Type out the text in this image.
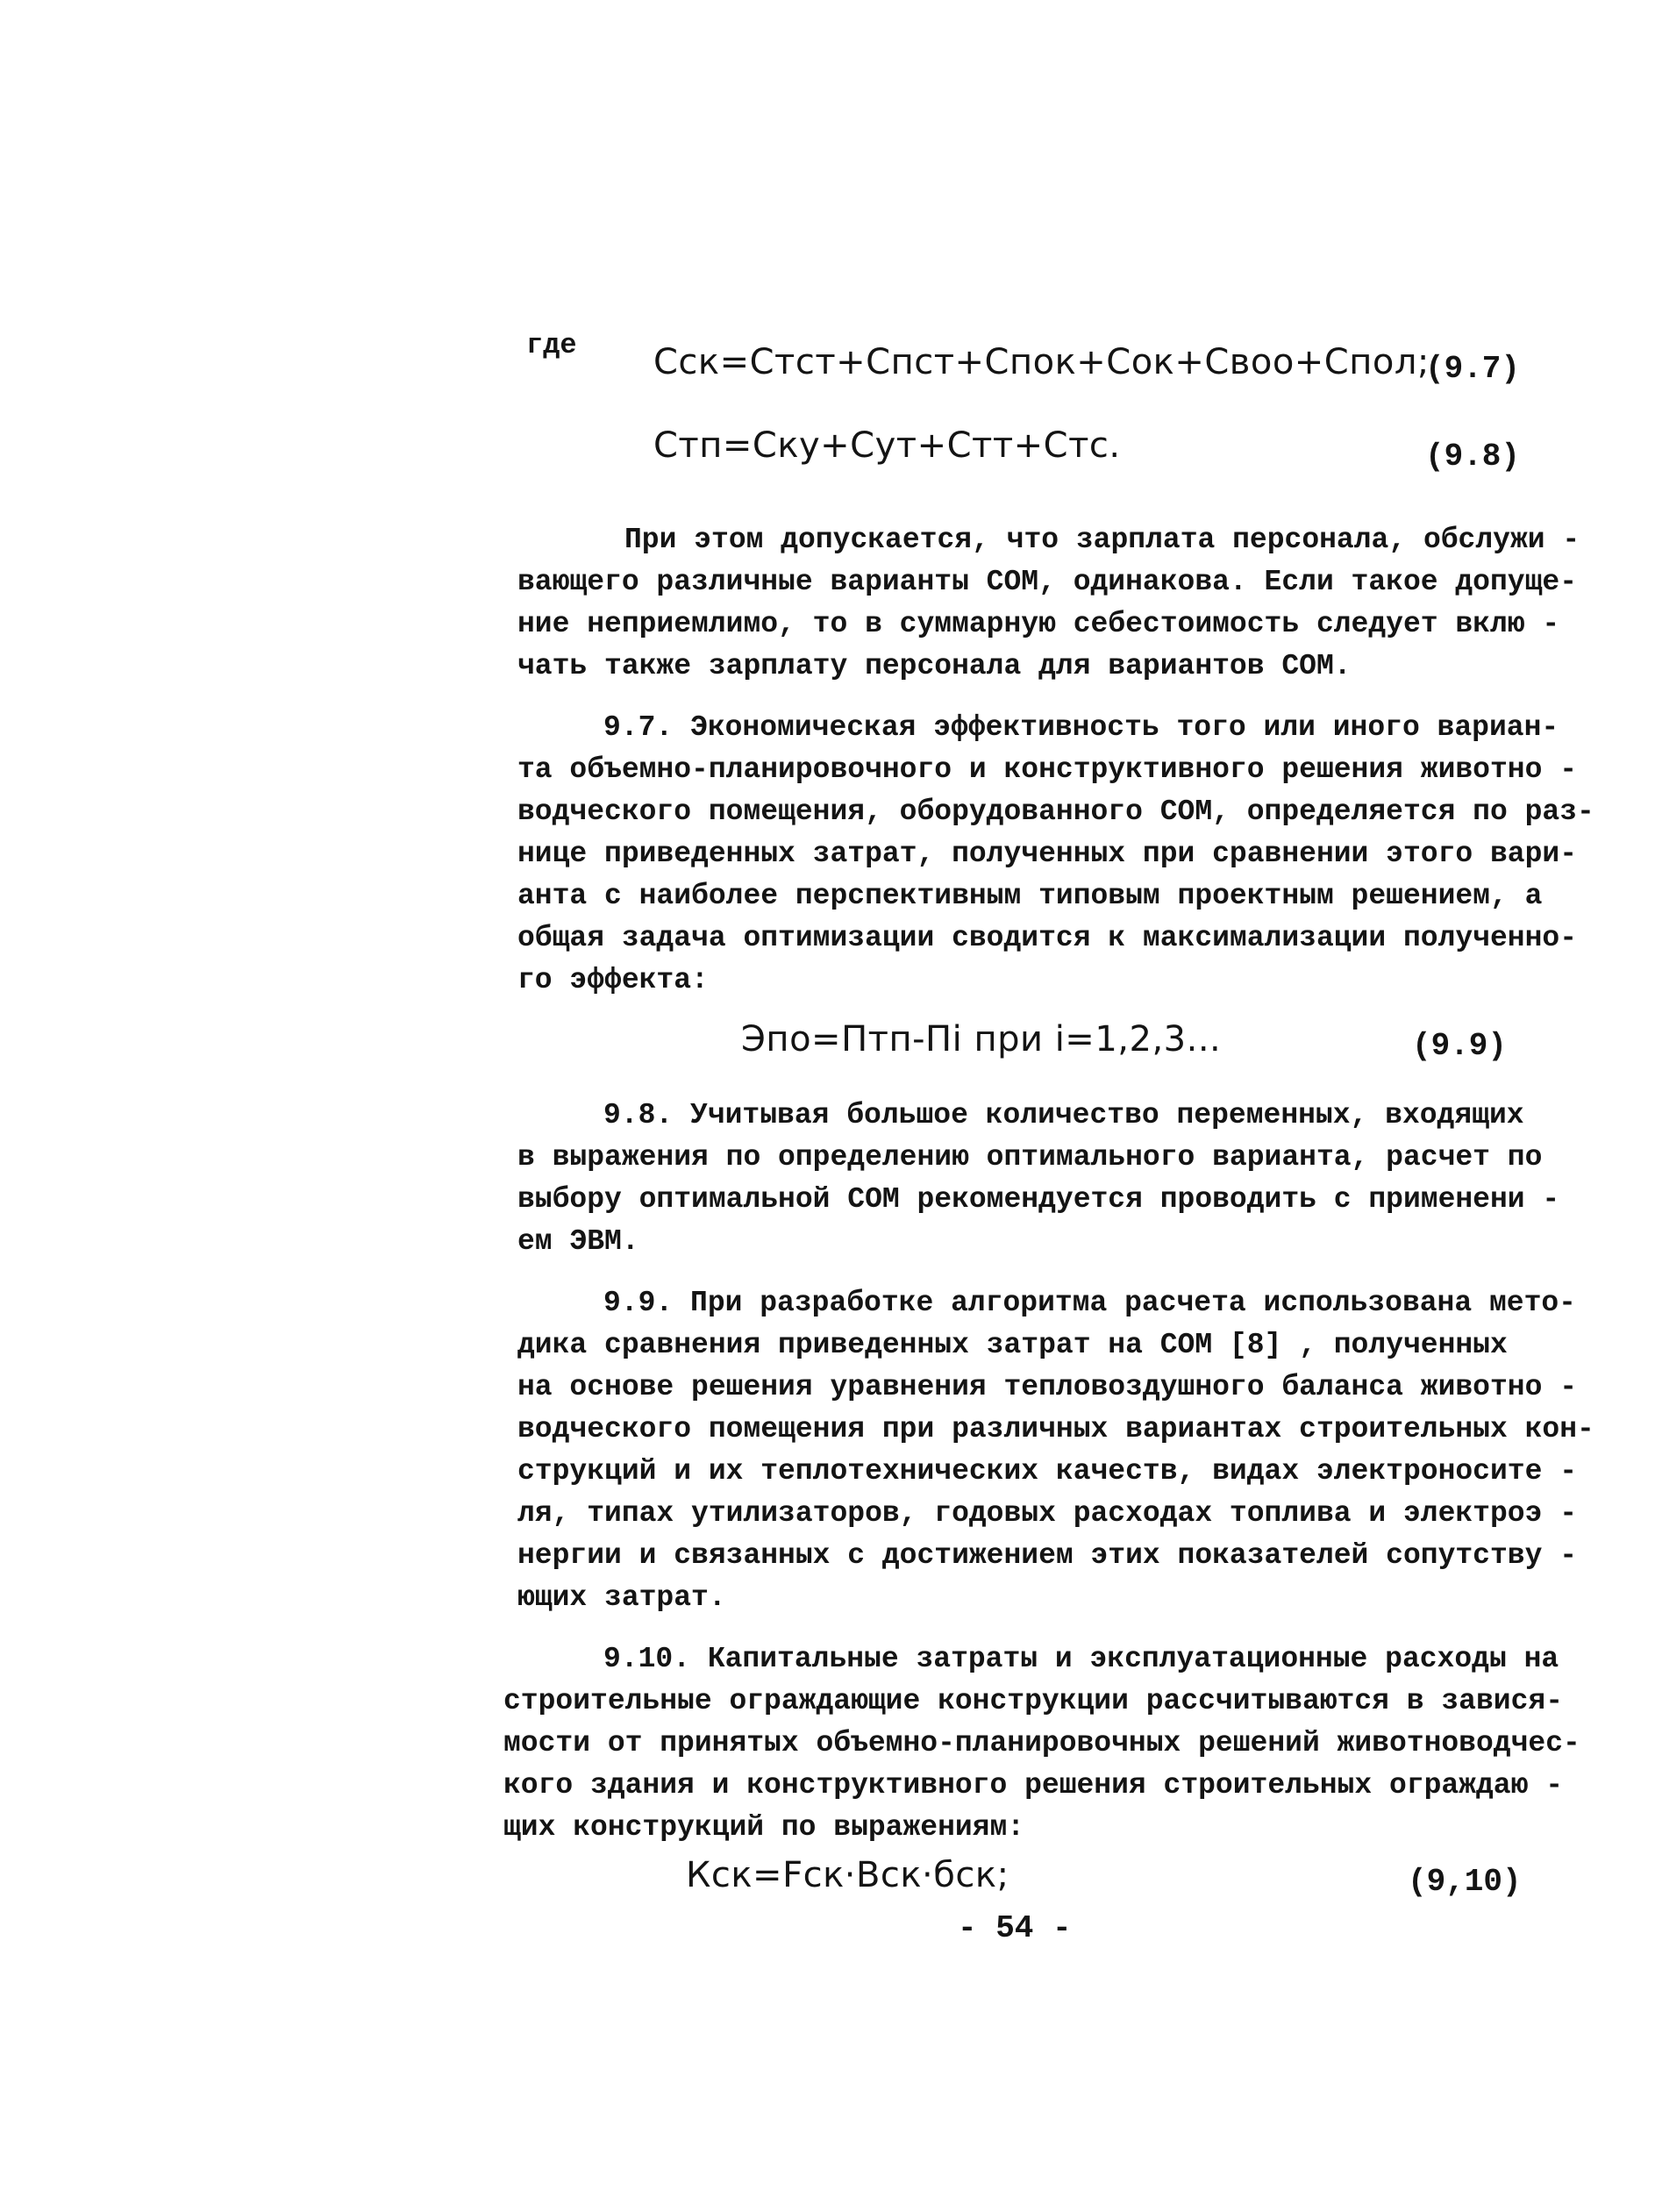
где Сск=Стст+Спст+Спок+Сок+Своо+Спол;
(9.7)
Стп=Ску+Сут+Стт+Стс.	(9.8)
При этом допускается, что зарплата персонала, обслужи -
вающего различные варианты СОМ, одинакова. Если такое допуще-
ние неприемлимо, то в суммарную себестоимость следует вклю -
чать также зарплату персонала для вариантов СОМ.
9.7. Экономическая эффективность того или иного вариан-
та объемно-планировочного и конструктивного решения животно -
водческого помещения, оборудованного СОМ, определяется по раз-
нице приведенных затрат, полученных при сравнении этого вари-
анта с наиболее перспективным типовым проектным решением, а
общая задача оптимизации сводится к максимализации полученно-
го эффекта:
Эпо=Птп-Пi при i=1,2,3...	(9.9)
9.8. Учитывая большое количество переменных, входящих
в выражения по определению оптимального варианта, расчет по
выбору оптимальной СОМ рекомендуется проводить с применени -
ем ЭВМ.
9.9. При разработке алгоритма расчета использована мето-
дика сравнения приведенных затрат на СОМ [8] , полученных
на основе решения уравнения тепловоздушного баланса животно -
водческого помещения при различных вариантах строительных кон-
струкций и их теплотехнических качеств, видах электроносите -
ля, типах утилизаторов, годовых расходах топлива и электроэ -
нергии и связанных с достижением этих показателей сопутству -
ющих затрат.
9.10. Капитальные затраты и эксплуатационные расходы на
строительные ограждающие конструкции рассчитываются в завися-
мости от принятых объемно-планировочных решений животноводчес-
кого здания и конструктивного решения строительных ограждаю -
щих конструкций по выражениям:
Кск=Fск·Вск·бск;	(9,10)
- 54 -
